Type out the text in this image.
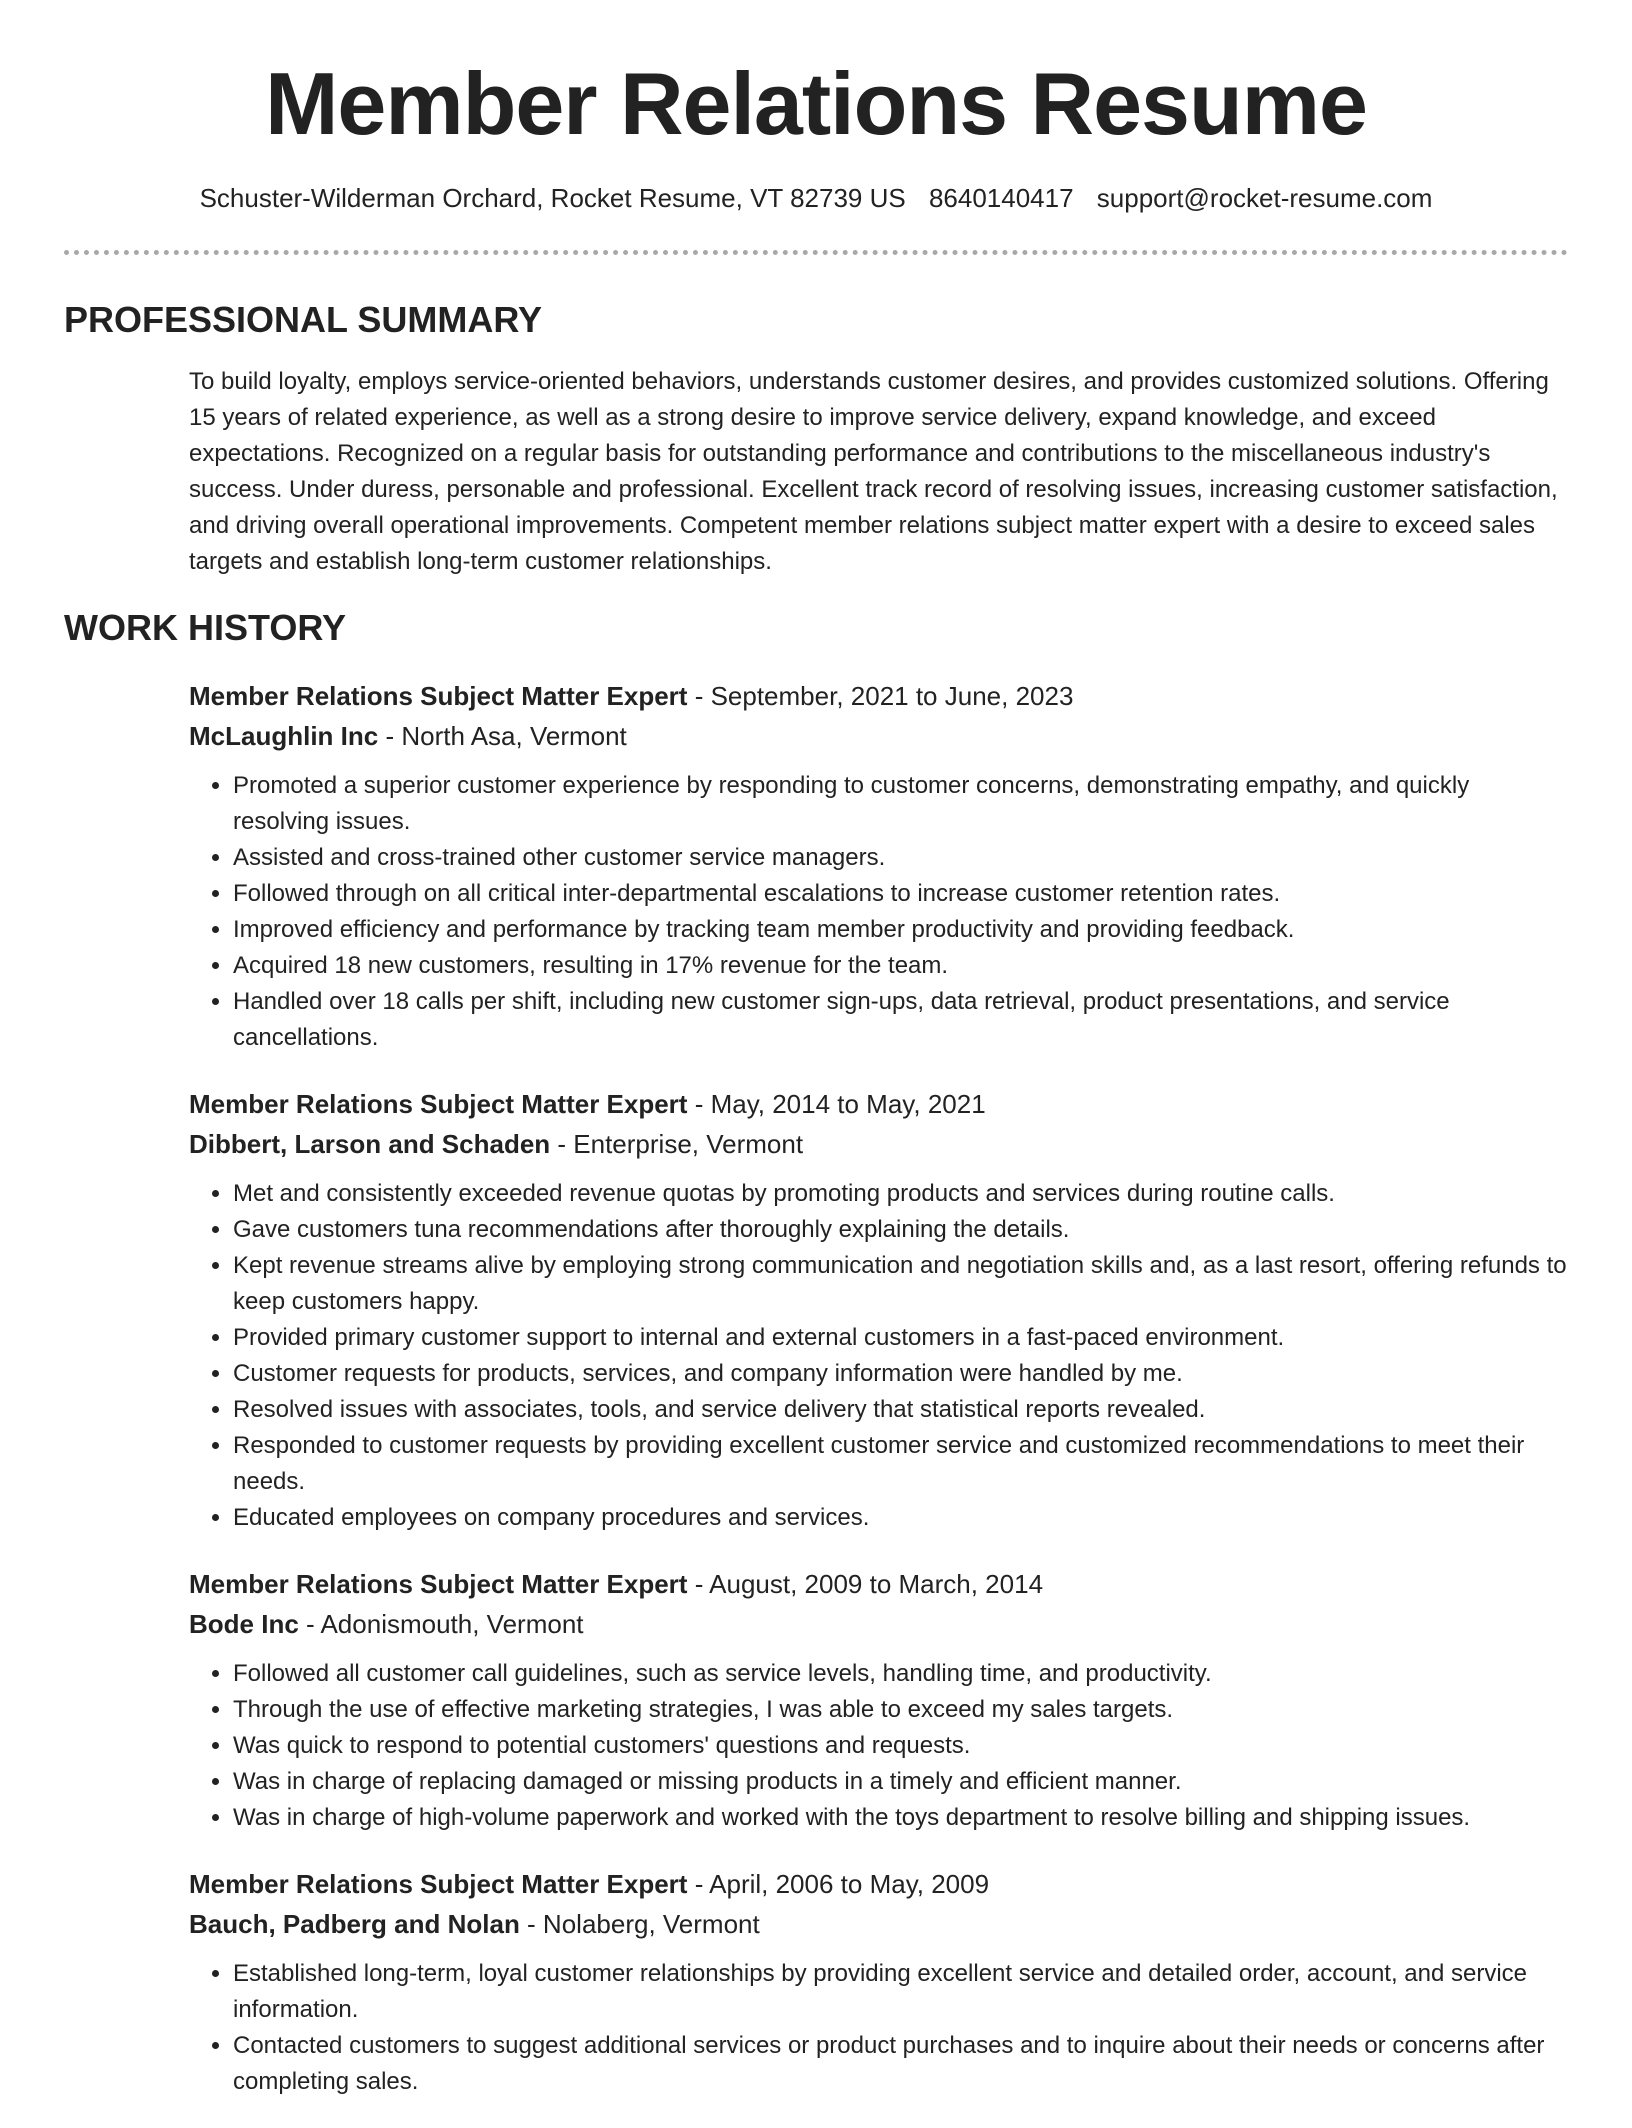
Member Relations Resume
Schuster-Wilderman Orchard, Rocket Resume, VT 82739 US 8640140417 support@rocket-resume.com
PROFESSIONAL SUMMARY

To build loyalty, employs service-oriented behaviors, understands customer desires, and provides customized solutions. Offering 15 years of related experience, as well as a strong desire to improve service delivery, expand knowledge, and exceed expectations. Recognized on a regular basis for outstanding performance and contributions to the miscellaneous industry's success. Under duress, personable and professional. Excellent track record of resolving issues, increasing customer satisfaction, and driving overall operational improvements. Competent member relations subject matter expert with a desire to exceed sales targets and establish long-term customer relationships.

WORK HISTORY
Member Relations Subject Matter Expert - September, 2021 to June, 2023
McLaughlin Inc - North Asa, Vermont
• Promoted a superior customer experience by responding to customer concerns, demonstrating empathy, and quickly resolving issues.
• Assisted and cross-trained other customer service managers.
• Followed through on all critical inter-departmental escalations to increase customer retention rates.
• Improved efficiency and performance by tracking team member productivity and providing feedback.
• Acquired 18 new customers, resulting in 17% revenue for the team.
• Handled over 18 calls per shift, including new customer sign-ups, data retrieval, product presentations, and service cancellations.
Member Relations Subject Matter Expert - May, 2014 to May, 2021
Dibbert, Larson and Schaden - Enterprise, Vermont
• Met and consistently exceeded revenue quotas by promoting products and services during routine calls.
• Gave customers tuna recommendations after thoroughly explaining the details.
• Kept revenue streams alive by employing strong communication and negotiation skills and, as a last resort, offering refunds to keep customers happy.
• Provided primary customer support to internal and external customers in a fast-paced environment.
• Customer requests for products, services, and company information were handled by me.
• Resolved issues with associates, tools, and service delivery that statistical reports revealed.
• Responded to customer requests by providing excellent customer service and customized recommendations to meet their needs.
• Educated employees on company procedures and services.
Member Relations Subject Matter Expert - August, 2009 to March, 2014
Bode Inc - Adonismouth, Vermont
• Followed all customer call guidelines, such as service levels, handling time, and productivity.
• Through the use of effective marketing strategies, I was able to exceed my sales targets.
• Was quick to respond to potential customers' questions and requests.
• Was in charge of replacing damaged or missing products in a timely and efficient manner.
• Was in charge of high-volume paperwork and worked with the toys department to resolve billing and shipping issues.
Member Relations Subject Matter Expert - April, 2006 to May, 2009
Bauch, Padberg and Nolan - Nolaberg, Vermont
• Established long-term, loyal customer relationships by providing excellent service and detailed order, account, and service information.
• Contacted customers to suggest additional services or product purchases and to inquire about their needs or concerns after completing sales.
